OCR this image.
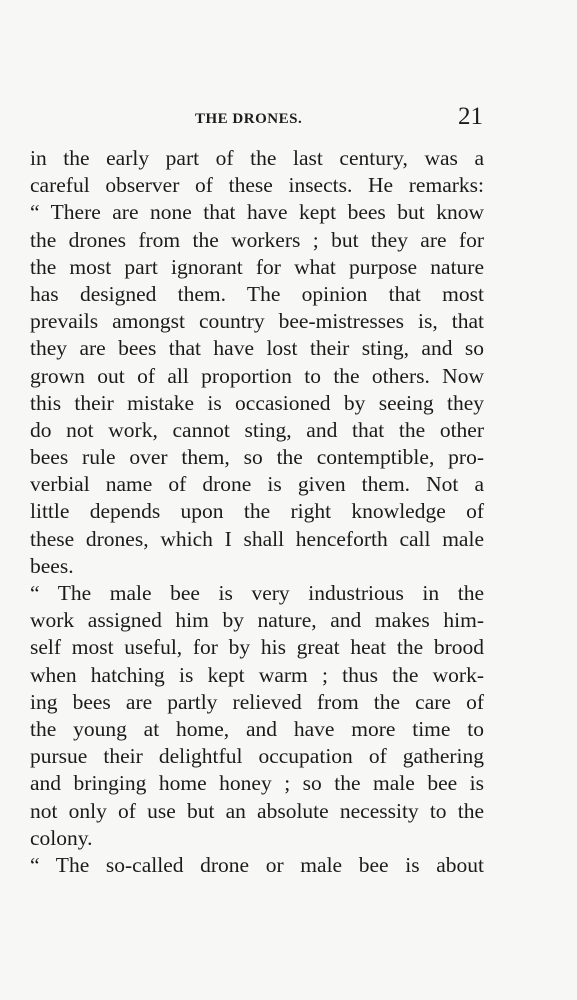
THE DRONES.	21
in the early part of the last century, was a
careful observer of these insects. He remarks:
“ There are none that have kept bees but know
the drones from the workers ; but they are for
the most part ignorant for what purpose nature
has designed them. The opinion that most
prevails amongst country bee-mistresses is, that
they are bees that have lost their sting, and so
grown out of all proportion to the others. Now
this their mistake is occasioned by seeing they
do not work, cannot sting, and that the other
bees rule over them, so the contemptible, pro-
verbial name of drone is given them. Not a
little depends upon the right knowledge of
these drones, which I shall henceforth call male
bees.
“ The male bee is very industrious in the
work assigned him by nature, and makes him-
self most useful, for by his great heat the brood
when hatching is kept warm ; thus the work-
ing bees are partly relieved from the care of
the young at home, and have more time to
pursue their delightful occupation of gathering
and bringing home honey ; so the male bee is
not only of use but an absolute necessity to the
colony.
“ The so-called drone or male bee is about
